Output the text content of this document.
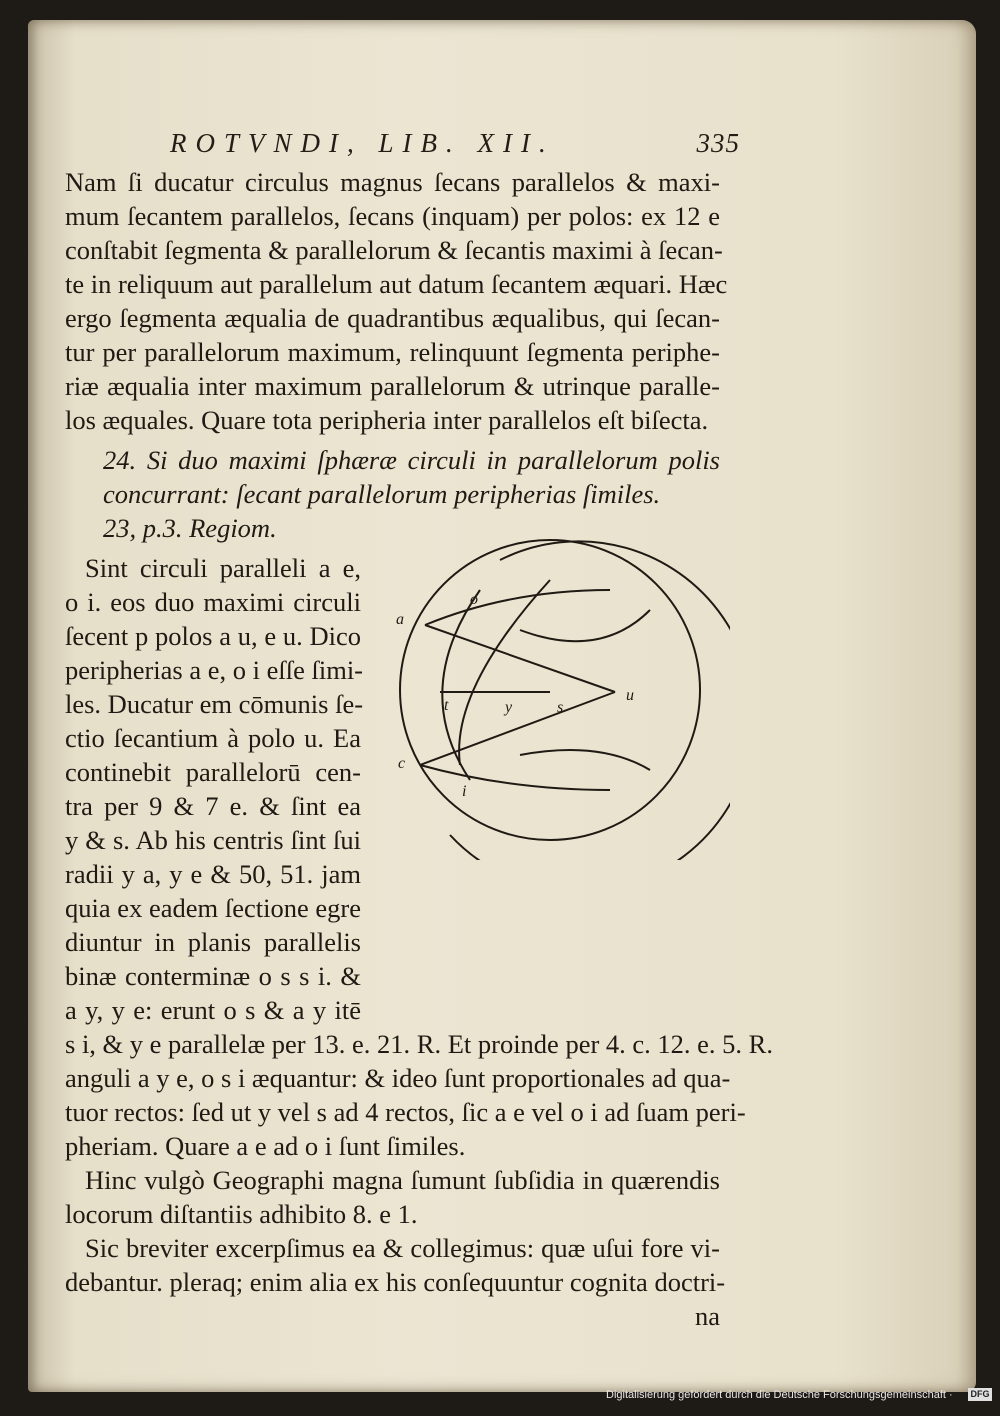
ROTVNDI, LIB. XII.	335
Nam ſi ducatur circulus magnus ſecans parallelos & maxi-
mum ſecantem parallelos, ſecans (inquam) per polos: ex 12 e
conſtabit ſegmenta & parallelorum & ſecantis maximi à ſecan-
te in reliquum aut parallelum aut datum ſecantem æquari. Hæc
ergo ſegmenta æqualia de quadrantibus æqualibus, qui ſecan-
tur per parallelorum maximum, relinquunt ſegmenta periphe-
riæ æqualia inter maximum parallelorum & utrinque paralle-
los æquales. Quare tota peripheria inter parallelos eſt biſecta.
24. Si duo maximi ſphæræ circuli in parallelorum polis
concurrant: ſecant parallelorum peripherias ſimiles.
23, p.3. Regiom.
Sint circuli paralleli a e,
o i. eos duo maximi circuli
ſecent p polos a u, e u. Dico
peripherias a e, o i eſſe ſimi-
les. Ducatur em cōmunis ſe-
ctio ſecantium à polo u. Ea
continebit parallelorū cen-
tra per 9 & 7 e. & ſint ea
y & s. Ab his centris ſint ſui
radii y a, y e & 50, 51. jam
quia ex eadem ſectione egre
diuntur in planis parallelis
binæ conterminæ o s s i. &
a y, y e: erunt o s & a y itē
s i, & y e parallelæ per 13. e. 21. R. Et proinde per 4. c. 12. e. 5. R.
anguli a y e, o s i æquantur: & ideo ſunt proportionales ad qua-
tuor rectos: ſed ut y vel s ad 4 rectos, ſic a e vel o i ad ſuam peri-
pheriam. Quare a e ad o i ſunt ſimiles.
Hinc vulgò Geographi magna ſumunt ſubſidia in quærendis
locorum diſtantiis adhibito 8. e 1.
Sic breviter excerpſimus ea & collegimus: quæ uſui fore vi-
debantur. pleraq; enim alia ex his conſequuntur cognita doctri-
na
a
o
c
i
y	s
t
u
Digitalisierung gefördert durch die Deutsche Forschungsgemeinschaft · DFG
